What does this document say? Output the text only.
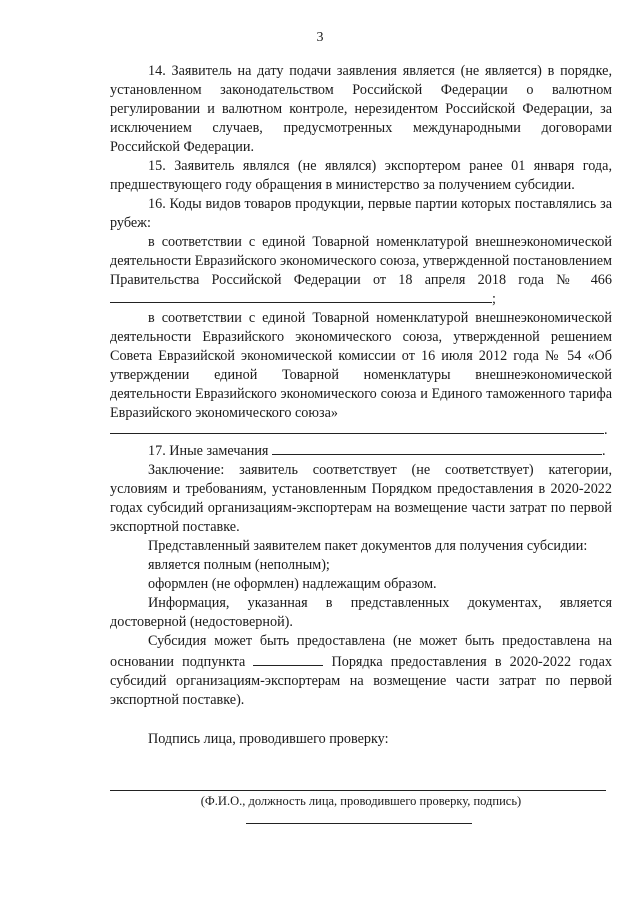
3

14. Заявитель на дату подачи заявления является (не является) в порядке, установленном законодательством Российской Федерации о валютном регулировании и валютном контроле, нерезидентом Российской Федерации, за исключением случаев, предусмотренных международными договорами Российской Федерации.

15. Заявитель являлся (не являлся) экспортером ранее 01 января года, предшествующего году обращения в министерство за получением субсидии.

16. Коды видов товаров продукции, первые партии которых поставлялись за рубеж:

в соответствии с единой Товарной номенклатурой внешнеэкономической деятельности Евразийского экономического союза, утвержденной постановлением Правительства Российской Федерации от 18 апреля 2018 года № 466 ;

в соответствии с единой Товарной номенклатурой внешнеэкономической деятельности Евразийского экономического союза, утвержденной решением Совета Евразийской экономической комиссии от 16 июля 2012 года № 54 «Об утверждении единой Товарной номенклатуры внешнеэкономической деятельности Евразийского экономического союза и Единого таможенного тарифа Евразийского экономического союза»

.

17. Иные замечания	.

Заключение: заявитель соответствует (не соответствует) категории, условиям и требованиям, установленным Порядком предоставления в 2020-2022 годах субсидий организациям-экспортерам на возмещение части затрат по первой экспортной поставке.

Представленный заявителем пакет документов для получения субсидии:

является полным (неполным);

оформлен (не оформлен) надлежащим образом.

Информация, указанная в представленных документах, является достоверной (недостоверной).

Субсидия может быть предоставлена (не может быть предоставлена на основании подпункта	Порядка предоставления в 2020-2022 годах субсидий организациям-экспортерам на возмещение части затрат по первой экспортной поставке).

Подпись лица, проводившего проверку:

(Ф.И.О., должность лица, проводившего проверку, подпись)
